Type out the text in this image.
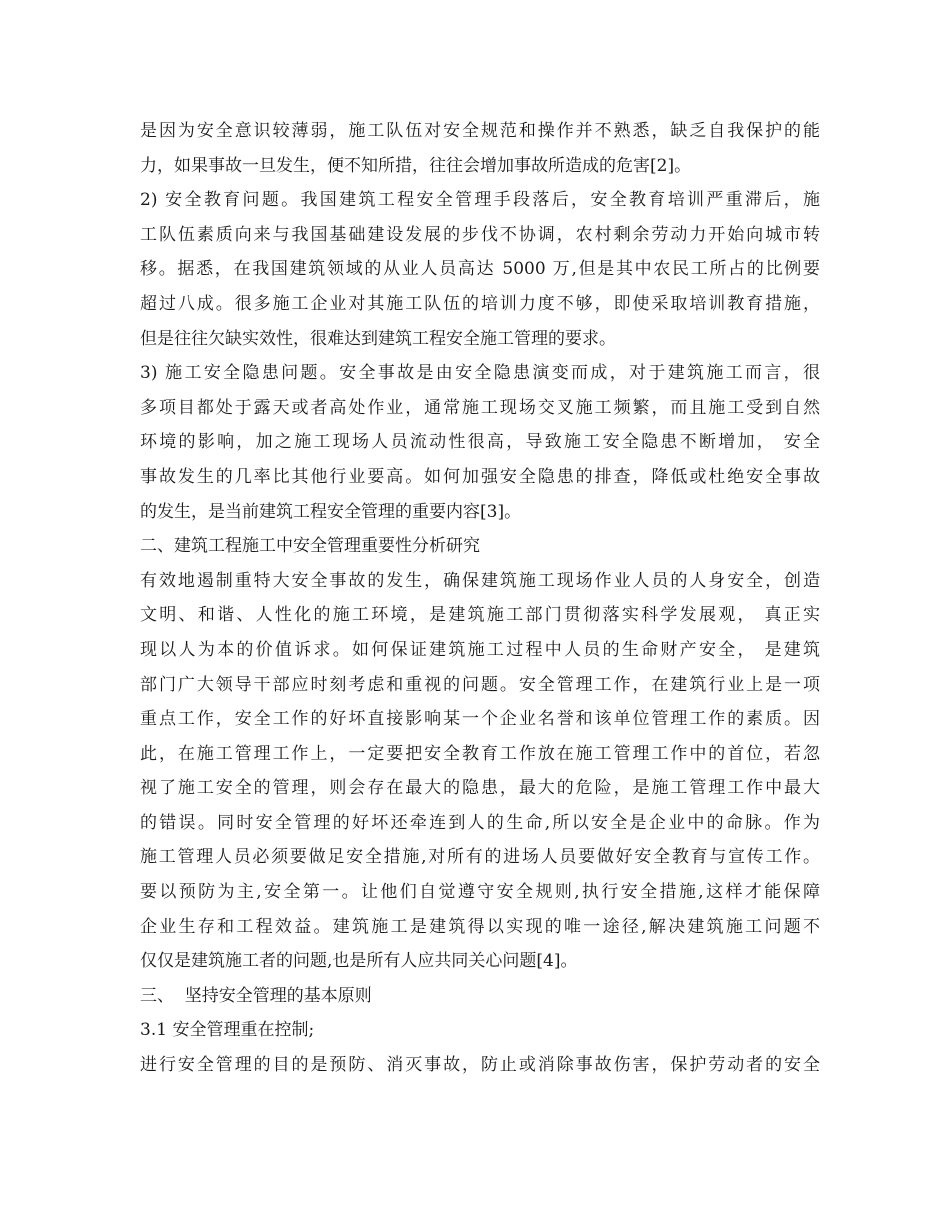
是因为安全意识较薄弱，施工队伍对安全规范和操作并不熟悉，缺乏自我保护的能
力，如果事故一旦发生，便不知所措，往往会增加事故所造成的危害[2]。
2) 安全教育问题。我国建筑工程安全管理手段落后，安全教育培训严重滞后，施
工队伍素质向来与我国基础建设发展的步伐不协调，农村剩余劳动力开始向城市转
移。据悉，在我国建筑领域的从业人员高达 5000 万,但是其中农民工所占的比例要
超过八成。很多施工企业对其施工队伍的培训力度不够，即使采取培训教育措施，
但是往往欠缺实效性，很难达到建筑工程安全施工管理的要求。
3) 施工安全隐患问题。安全事故是由安全隐患演变而成，对于建筑施工而言，很
多项目都处于露天或者高处作业，通常施工现场交叉施工频繁，而且施工受到自然
环境的影响，加之施工现场人员流动性很高，导致施工安全隐患不断增加， 安全
事故发生的几率比其他行业要高。如何加强安全隐患的排查，降低或杜绝安全事故
的发生，是当前建筑工程安全管理的重要内容[3]。
二、建筑工程施工中安全管理重要性分析研究
有效地遏制重特大安全事故的发生，确保建筑施工现场作业人员的人身安全，创造
文明、和谐、人性化的施工环境，是建筑施工部门贯彻落实科学发展观， 真正实
现以人为本的价值诉求。如何保证建筑施工过程中人员的生命财产安全， 是建筑
部门广大领导干部应时刻考虑和重视的问题。安全管理工作，在建筑行业上是一项
重点工作，安全工作的好坏直接影响某一个企业名誉和该单位管理工作的素质。因
此，在施工管理工作上，一定要把安全教育工作放在施工管理工作中的首位，若忽
视了施工安全的管理，则会存在最大的隐患，最大的危险，是施工管理工作中最大
的错误。同时安全管理的好坏还牵连到人的生命,所以安全是企业中的命脉。作为
施工管理人员必须要做足安全措施,对所有的进场人员要做好安全教育与宣传工作。
要以预防为主,安全第一。让他们自觉遵守安全规则,执行安全措施,这样才能保障
企业生存和工程效益。建筑施工是建筑得以实现的唯一途径,解决建筑施工问题不
仅仅是建筑施工者的问题,也是所有人应共同关心问题[4]。
三、  坚持安全管理的基本原则
3.1 安全管理重在控制;
进行安全管理的目的是预防、消灭事故，防止或消除事故伤害，保护劳动者的安全
